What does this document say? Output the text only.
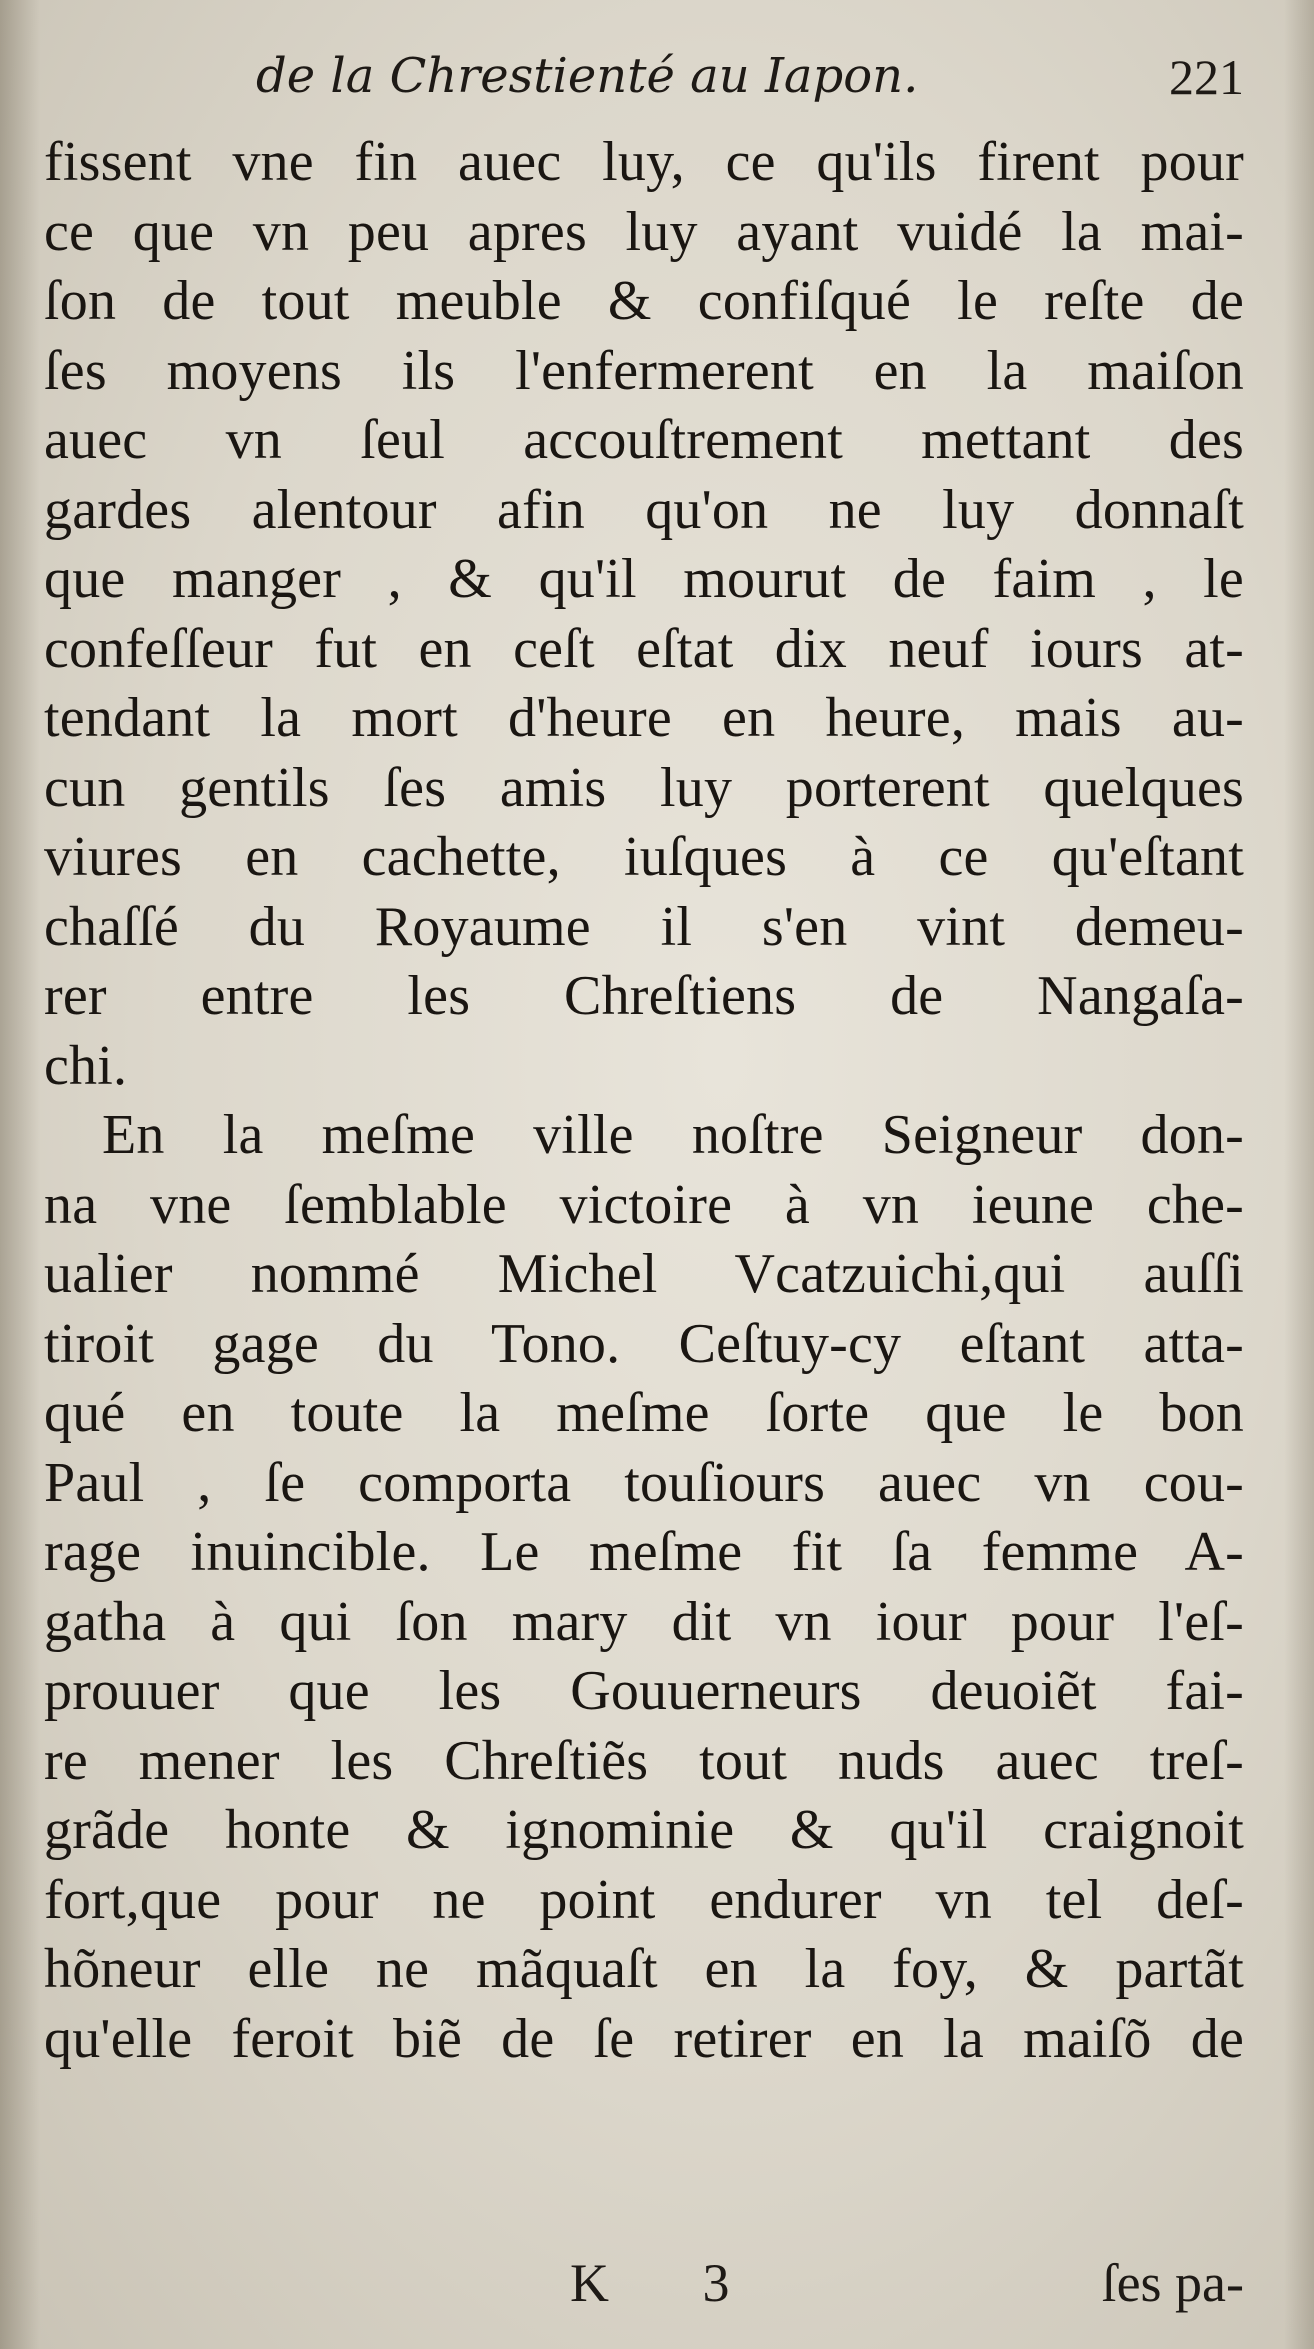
de la Chrestienté au Iapon.	221
fissent vne fin auec luy, ce qu'ils firent pour
ce que vn peu apres luy ayant vuidé la mai-
ſon de tout meuble & confiſqué le reſte de
ſes moyens ils l'enfermerent en la maiſon
auec vn ſeul accouſtrement mettant des
gardes alentour afin qu'on ne luy donnaſt
que manger , & qu'il mourut de faim , le
confeſſeur fut en ceſt eſtat dix neuf iours at-
tendant la mort d'heure en heure, mais au-
cun gentils ſes amis luy porterent quelques
viures en cachette, iuſques à ce qu'eſtant
chaſſé du Royaume il s'en vint demeu-
rer entre les Chreſtiens de Nangaſa-
chi.
En la meſme ville noſtre Seigneur don-
na vne ſemblable victoire à vn ieune che-
ualier nommé Michel Vcatzuichi,qui auſſi
tiroit gage du Tono. Ceſtuy-cy eſtant atta-
qué en toute la meſme ſorte que le bon
Paul , ſe comporta touſiours auec vn cou-
rage inuincible. Le meſme fit ſa femme A-
gatha à qui ſon mary dit vn iour pour l'eſ-
prouuer que les Gouuerneurs deuoiẽt fai-
re mener les Chreſtiẽs tout nuds auec treſ-
grãde honte & ignominie & qu'il craignoit
fort,que pour ne point endurer vn tel deſ-
hõneur elle ne mãquaſt en la foy, & partãt
qu'elle feroit biẽ de ſe retirer en la maiſõ de
K 3	ſes pa-
